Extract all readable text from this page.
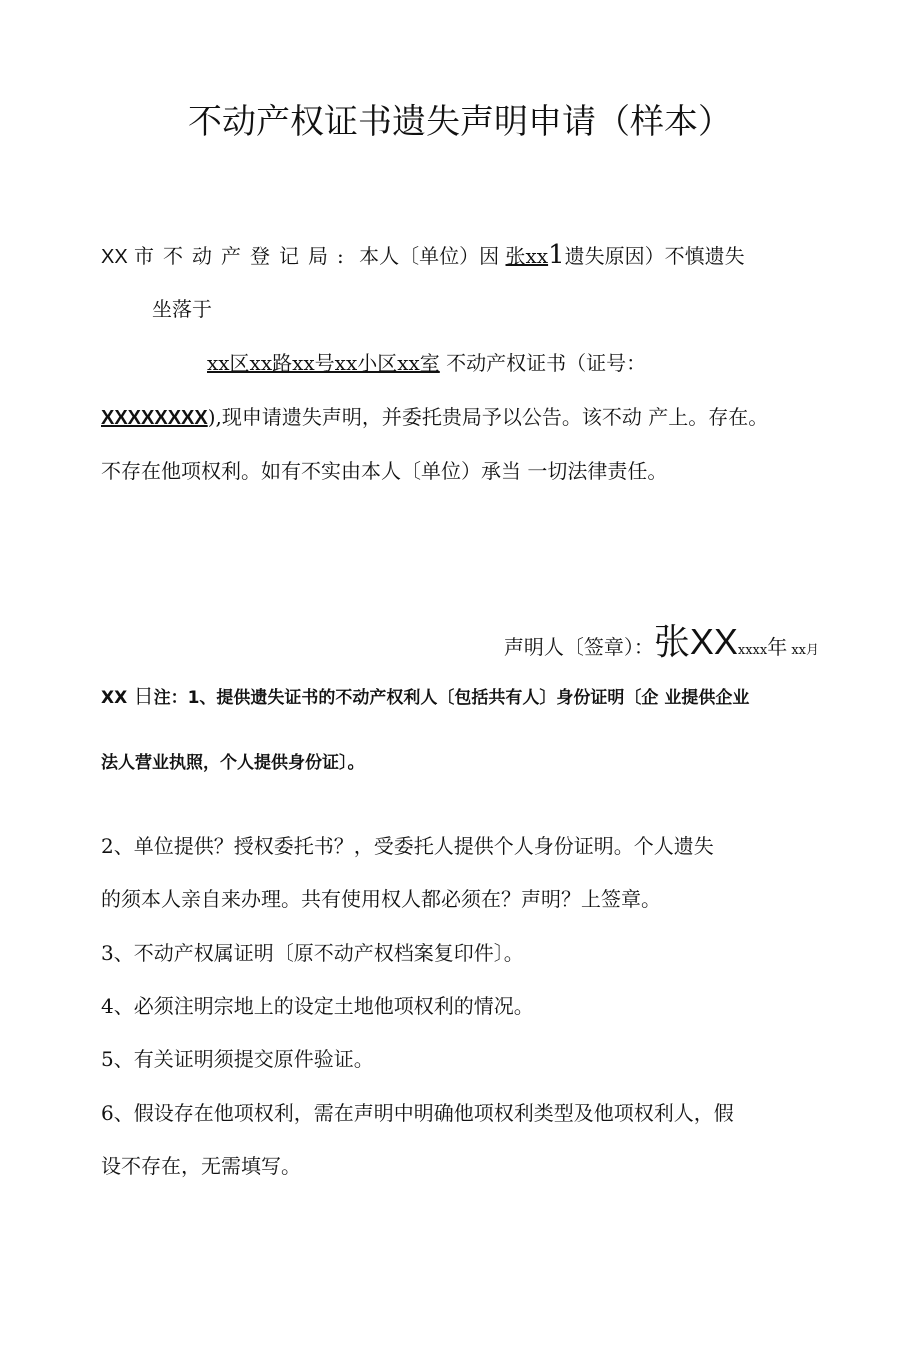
不动产权证书遗失声明申请（样本）
XX 市不动产登记局: 本人〔单位）因 张xx1遗失原因）不慎遗失
坐落于
xx区xx路xx号xx小区xx室 不动产权证书（证号：
XXXXXXXX),现申请遗失声明，并委托贵局予以公告。该不动 产上。存在。
不存在他项权利。如有不实由本人〔单位）承当 一切法律责任。
声明人〔签章）：张XXxxxx年 xx月
XX 日注：1、提供遗失证书的不动产权利人〔包括共有人〕身份证明〔企 业提供企业
法人营业执照，个人提供身份证〕。
2、单位提供？授权委托书？，受委托人提供个人身份证明。个人遗失
的须本人亲自来办理。共有使用权人都必须在？声明？上签章。
3、不动产权属证明〔原不动产权档案复印件〕。
4、必须注明宗地上的设定土地他项权利的情况。
5、有关证明须提交原件验证。
6、假设存在他项权利，需在声明中明确他项权利类型及他项权利人，假
设不存在，无需填写。
